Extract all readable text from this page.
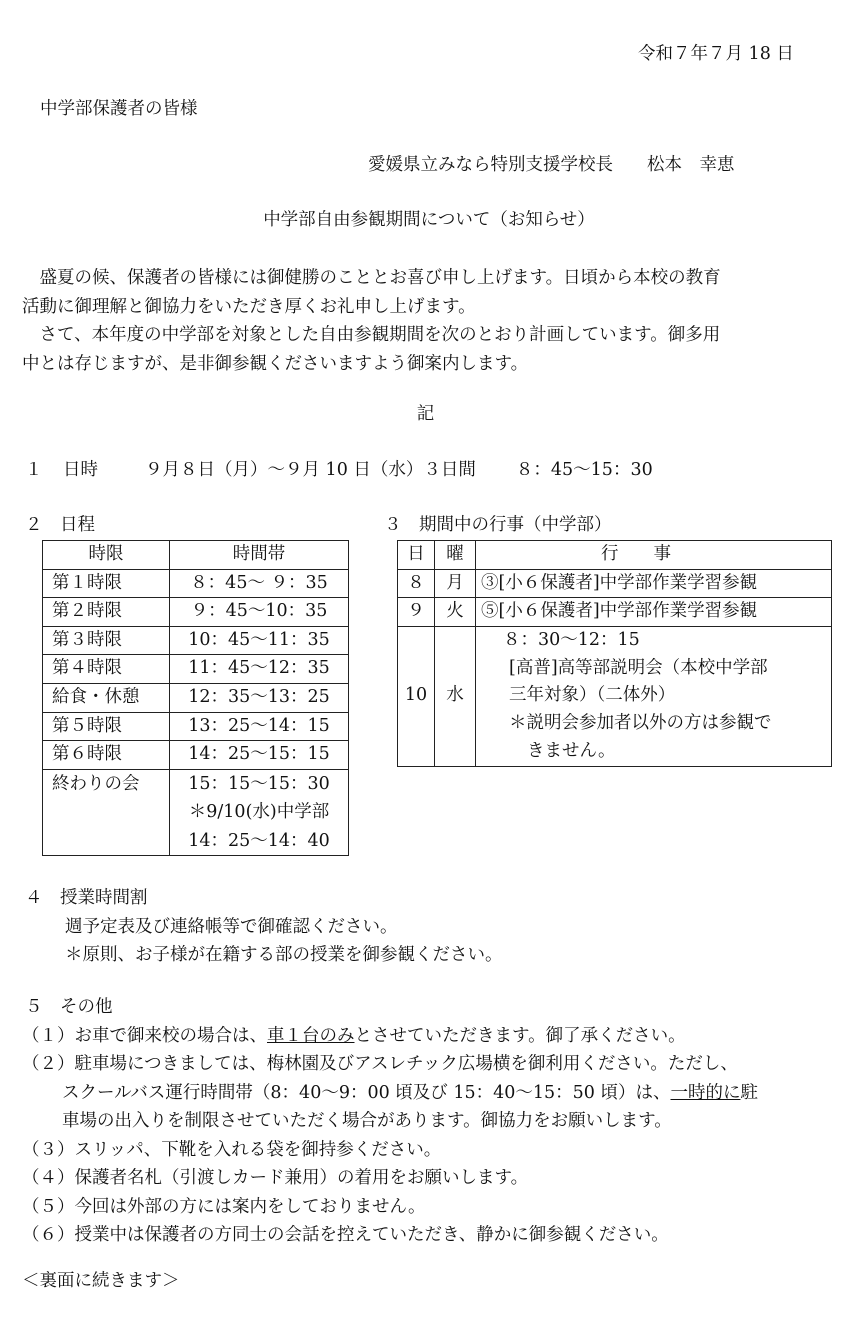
令和７年７月 18 日
中学部保護者の皆様
愛媛県立みなら特別支援学校長 松本　幸恵
中学部自由参観期間について（お知らせ）
　盛夏の候、保護者の皆様には御健勝のこととお喜び申し上げます。日頃から本校の教育
活動に御理解と御協力をいただき厚くお礼申し上げます。
　さて、本年度の中学部を対象とした自由参観期間を次のとおり計画しています。御多用
中とは存じますが、是非御参観くださいますよう御案内します。
記
１ 日時	９月８日（月）～９月 10 日（水）３日間 ８：45～15：30
２　日程	３　期間中の行事（中学部）
時限	時間帯
第１時限	８：45～ ９：35
第２時限	９：45～10：35
第３時限	10：45～11：35
第４時限	11：45～12：35
給食・休憩	12：35～13：25
第５時限	13：25～14：15
第６時限	14：25～15：15
終わりの会	15：15～15：30
＊9/10(水)中学部
14：25～14：40
日	曜	行事
８	月	③[小６保護者]中学部作業学習参観
９	火	⑤[小６保護者]中学部作業学習参観
10	水	８：30～12：15
[高普]高等部説明会（本校中学部
三年対象）（二体外）
＊説明会参加者以外の方は参観で
きません。
４　授業時間割
週予定表及び連絡帳等で御確認ください。
＊原則、お子様が在籍する部の授業を御参観ください。
５　その他
（１）お車で御来校の場合は、車１台のみとさせていただきます。御了承ください。
（２）駐車場につきましては、梅林園及びアスレチック広場横を御利用ください。ただし、
スクールバス運行時間帯（8：40～9：00 頃及び 15：40～15：50 頃）は、一時的に駐
車場の出入りを制限させていただく場合があります。御協力をお願いします。
（３）スリッパ、下靴を入れる袋を御持参ください。
（４）保護者名札（引渡しカード兼用）の着用をお願いします。
（５）今回は外部の方には案内をしておりません。
（６）授業中は保護者の方同士の会話を控えていただき、静かに御参観ください。
＜裏面に続きます＞
